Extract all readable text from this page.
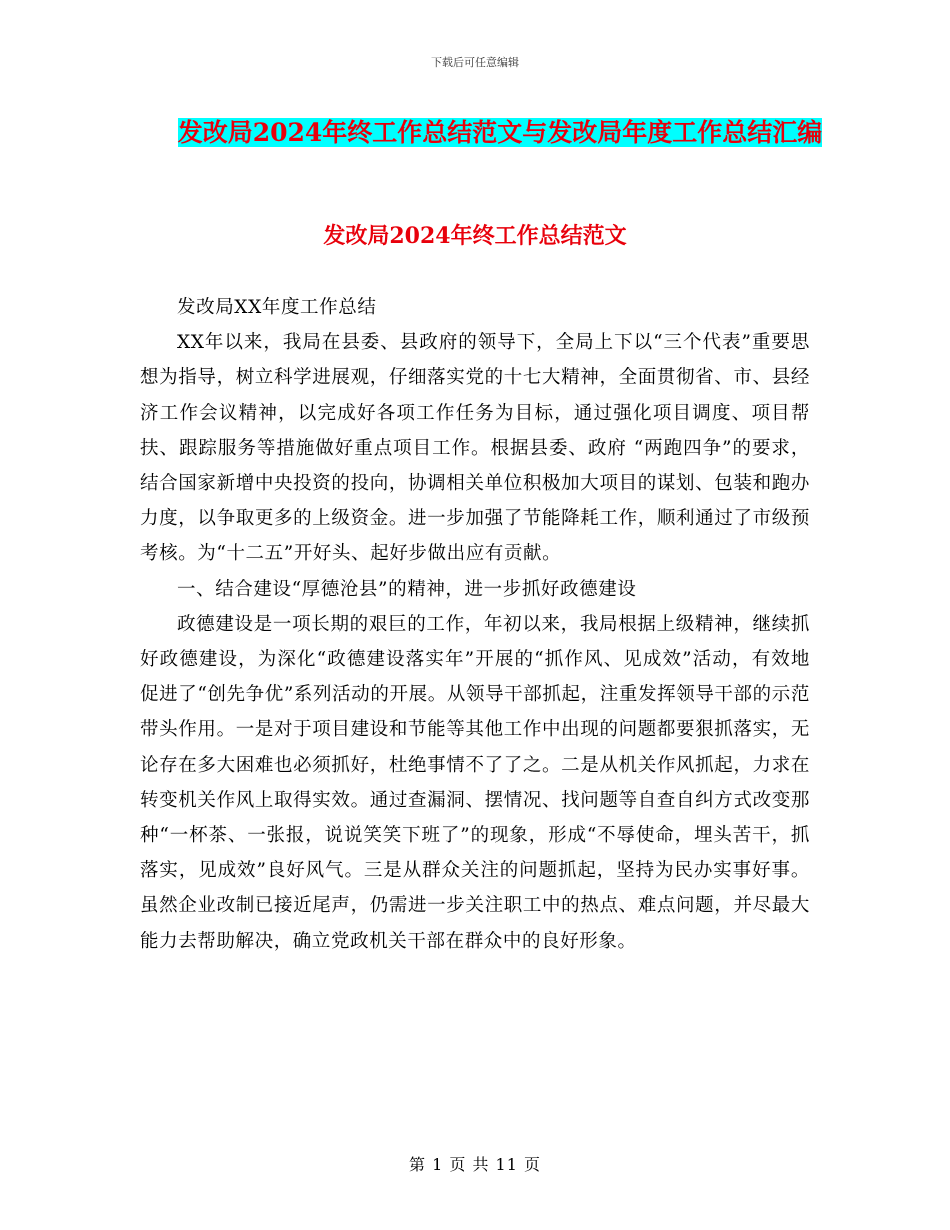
下载后可任意编辑
发改局2024年终工作总结范文与发改局年度工作总结汇编
发改局2024年终工作总结范文

发改局XX年度工作总结

XX年以来，我局在县委、县政府的领导下，全局上下以“三个代表”重要思想为指导，树立科学进展观，仔细落实党的十七大精神，全面贯彻省、市、县经济工作会议精神，以完成好各项工作任务为目标，通过强化项目调度、项目帮扶、跟踪服务等措施做好重点项目工作。根据县委、政府 “两跑四争”的要求，结合国家新增中央投资的投向，协调相关单位积极加大项目的谋划、包装和跑办力度，以争取更多的上级资金。进一步加强了节能降耗工作，顺利通过了市级预考核。为“十二五”开好头、起好步做出应有贡献。

一、结合建设“厚德沧县”的精神，进一步抓好政德建设

政德建设是一项长期的艰巨的工作，年初以来，我局根据上级精神，继续抓好政德建设，为深化“政德建设落实年”开展的“抓作风、见成效”活动，有效地促进了“创先争优”系列活动的开展。从领导干部抓起，注重发挥领导干部的示范带头作用。一是对于项目建设和节能等其他工作中出现的问题都要狠抓落实，无论存在多大困难也必须抓好，杜绝事情不了了之。二是从机关作风抓起，力求在转变机关作风上取得实效。通过查漏洞、摆情况、找问题等自查自纠方式改变那种“一杯茶、一张报，说说笑笑下班了”的现象，形成“不辱使命，埋头苦干，抓落实，见成效”良好风气。三是从群众关注的问题抓起，坚持为民办实事好事。虽然企业改制已接近尾声，仍需进一步关注职工中的热点、难点问题，并尽最大能力去帮助解决，确立党政机关干部在群众中的良好形象。

第 1 页 共 11 页
